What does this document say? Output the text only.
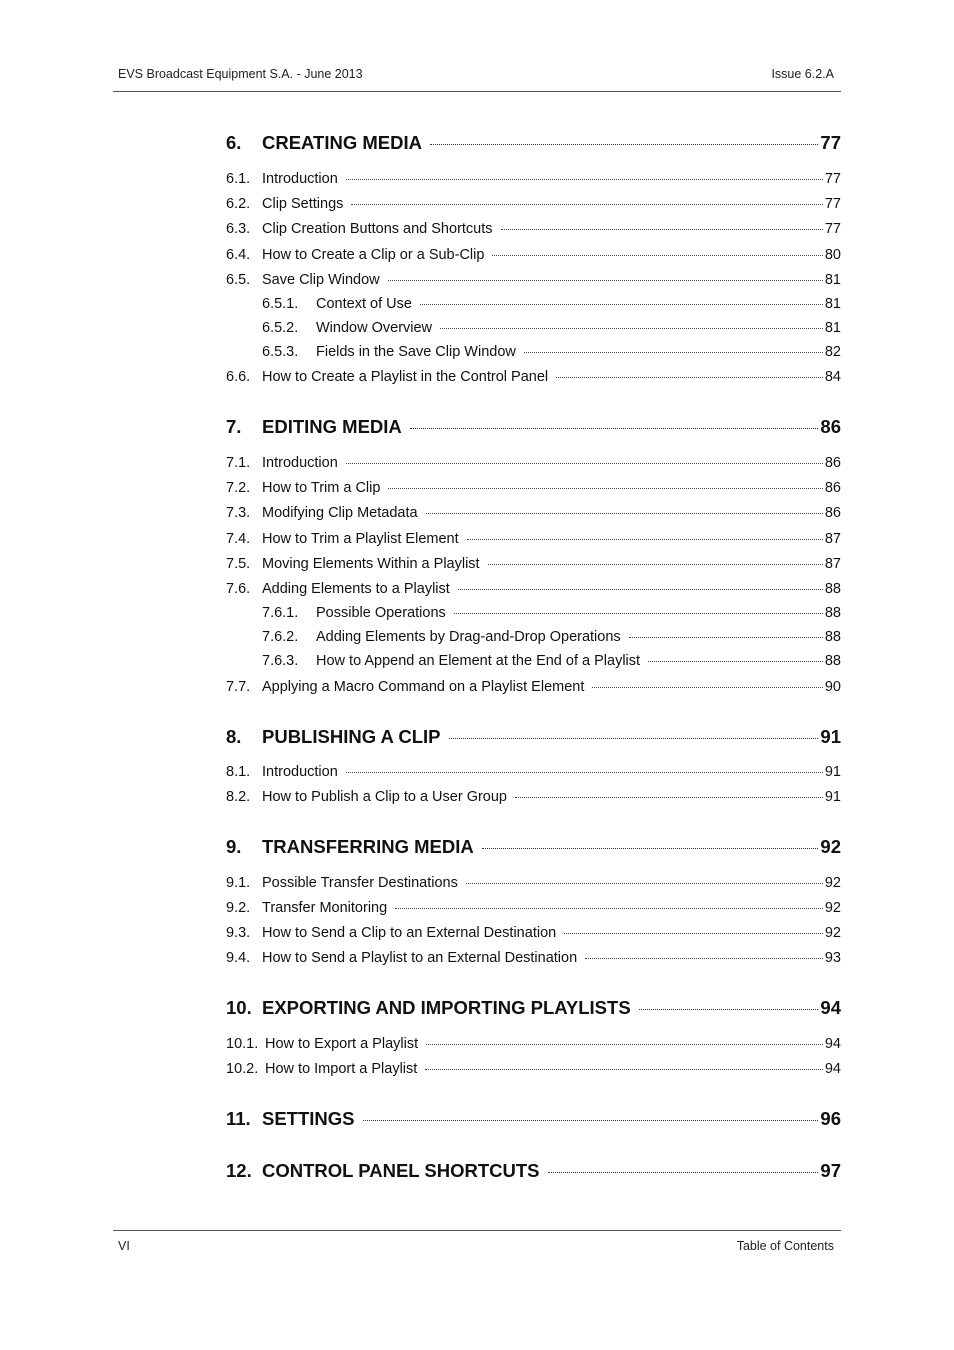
EVS Broadcast Equipment S.A. - June 2013	Issue 6.2.A
6.	CREATING MEDIA	77
6.1. Introduction	77
6.2. Clip Settings	77
6.3. Clip Creation Buttons and Shortcuts	77
6.4. How to Create a Clip or a Sub-Clip	80
6.5. Save Clip Window	81
6.5.1.	Context of Use	81
6.5.2.	Window Overview	81
6.5.3.	Fields in the Save Clip Window	82
6.6. How to Create a Playlist in the Control Panel	84
7.	EDITING MEDIA	86
7.1. Introduction	86
7.2. How to Trim a Clip	86
7.3. Modifying Clip Metadata	86
7.4. How to Trim a Playlist Element	87
7.5. Moving Elements Within a Playlist	87
7.6. Adding Elements to a Playlist	88
7.6.1.	Possible Operations	88
7.6.2.	Adding Elements by Drag-and-Drop Operations	88
7.6.3.	How to Append an Element at the End of a Playlist	88
7.7. Applying a Macro Command on a Playlist Element	90
8.	PUBLISHING A CLIP	91
8.1. Introduction	91
8.2. How to Publish a Clip to a User Group	91
9.	TRANSFERRING MEDIA	92
9.1. Possible Transfer Destinations	92
9.2. Transfer Monitoring	92
9.3. How to Send a Clip to an External Destination	92
9.4. How to Send a Playlist to an External Destination	93
10. EXPORTING AND IMPORTING PLAYLISTS	94
10.1. How to Export a Playlist	94
10.2. How to Import a Playlist	94
11. SETTINGS	96
12. CONTROL PANEL SHORTCUTS	97
VI	Table of Contents
